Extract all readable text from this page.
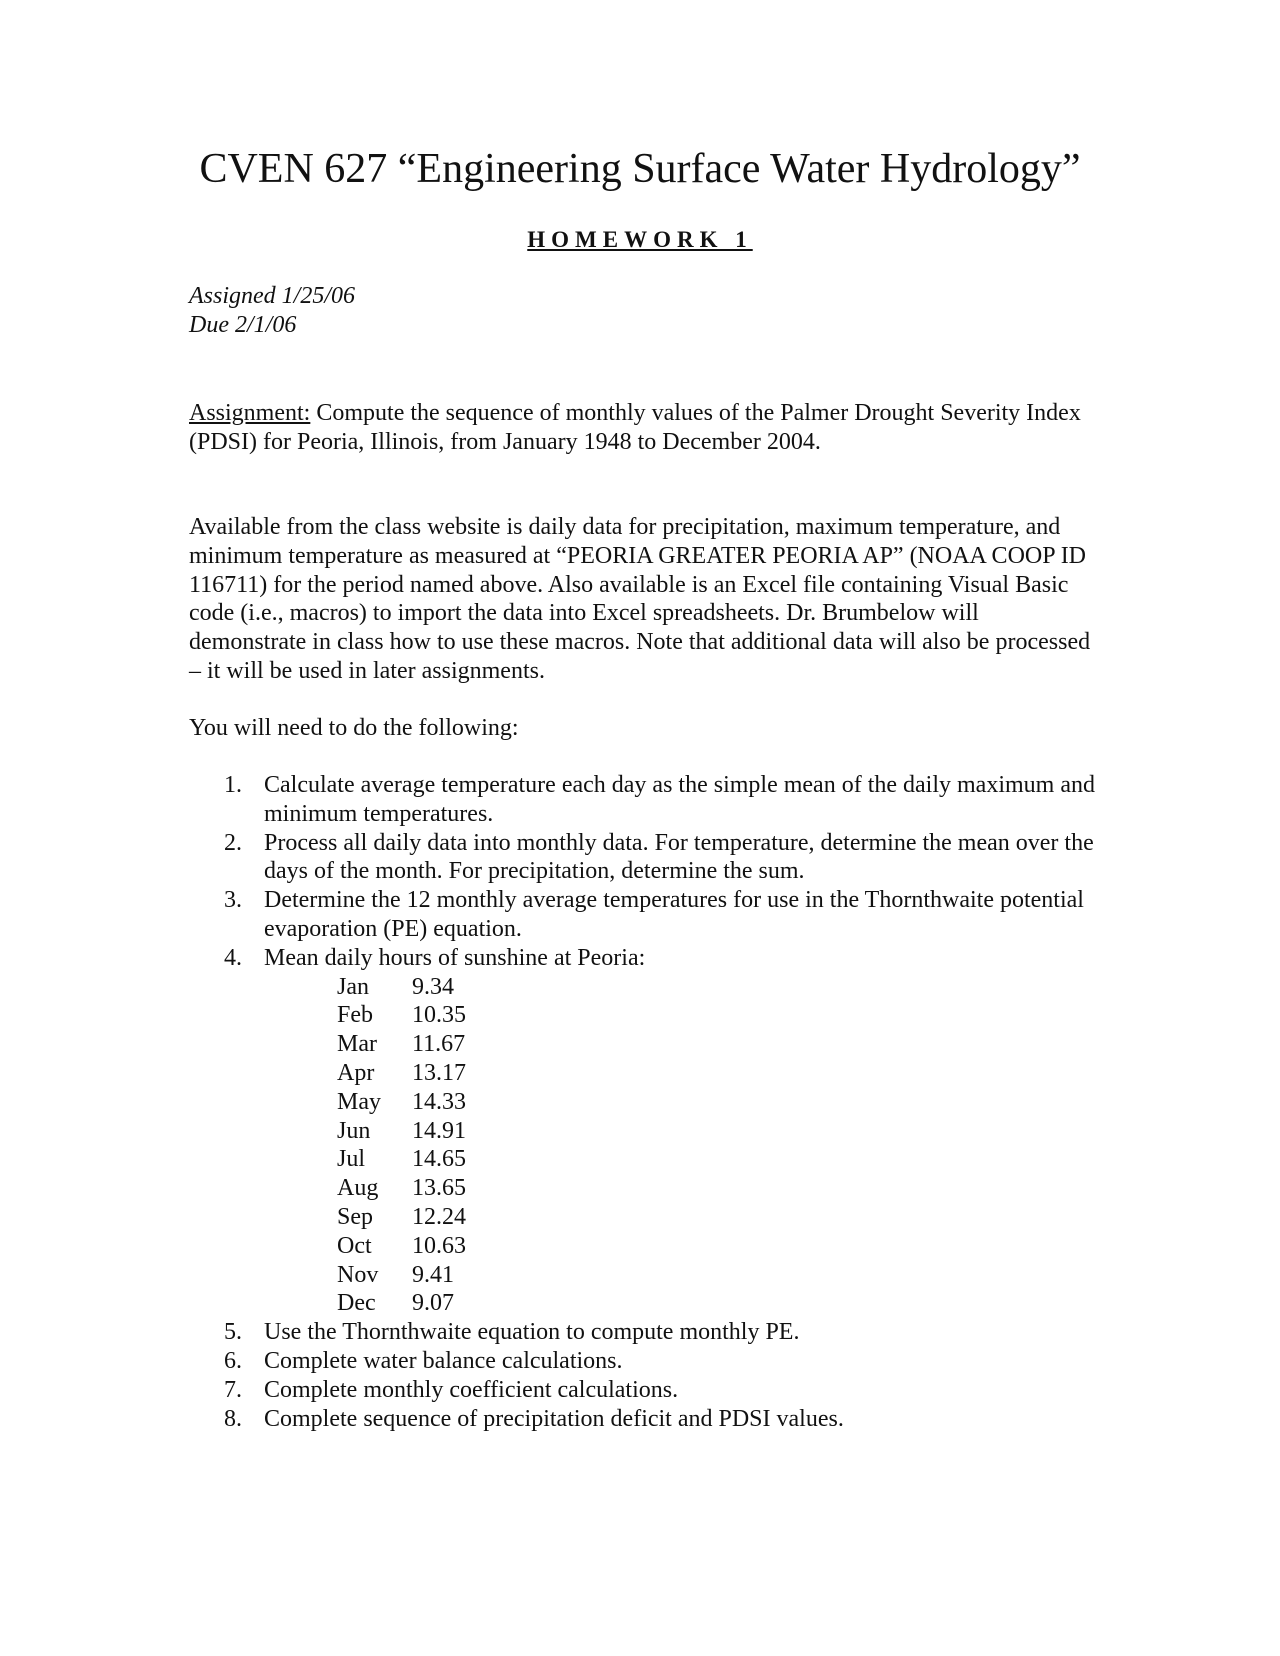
CVEN 627 “Engineering Surface Water Hydrology”
HOMEWORK 1
Assigned 1/25/06
Due 2/1/06
Assignment: Compute the sequence of monthly values of the Palmer Drought Severity Index (PDSI) for Peoria, Illinois, from January 1948 to December 2004.
Available from the class website is daily data for precipitation, maximum temperature, and minimum temperature as measured at “PEORIA GREATER PEORIA AP” (NOAA COOP ID 116711) for the period named above. Also available is an Excel file containing Visual Basic code (i.e., macros) to import the data into Excel spreadsheets. Dr. Brumbelow will demonstrate in class how to use these macros. Note that additional data will also be processed – it will be used in later assignments.
You will need to do the following:
1. Calculate average temperature each day as the simple mean of the daily maximum and minimum temperatures.
2. Process all daily data into monthly data. For temperature, determine the mean over the days of the month. For precipitation, determine the sum.
3. Determine the 12 monthly average temperatures for use in the Thornthwaite potential evaporation (PE) equation.
4. Mean daily hours of sunshine at Peoria:
Jan	9.34
Feb	10.35
Mar	11.67
Apr	13.17
May	14.33
Jun	14.91
Jul	14.65
Aug	13.65
Sep	12.24
Oct	10.63
Nov	9.41
Dec	9.07
5. Use the Thornthwaite equation to compute monthly PE.
6. Complete water balance calculations.
7. Complete monthly coefficient calculations.
8. Complete sequence of precipitation deficit and PDSI values.
